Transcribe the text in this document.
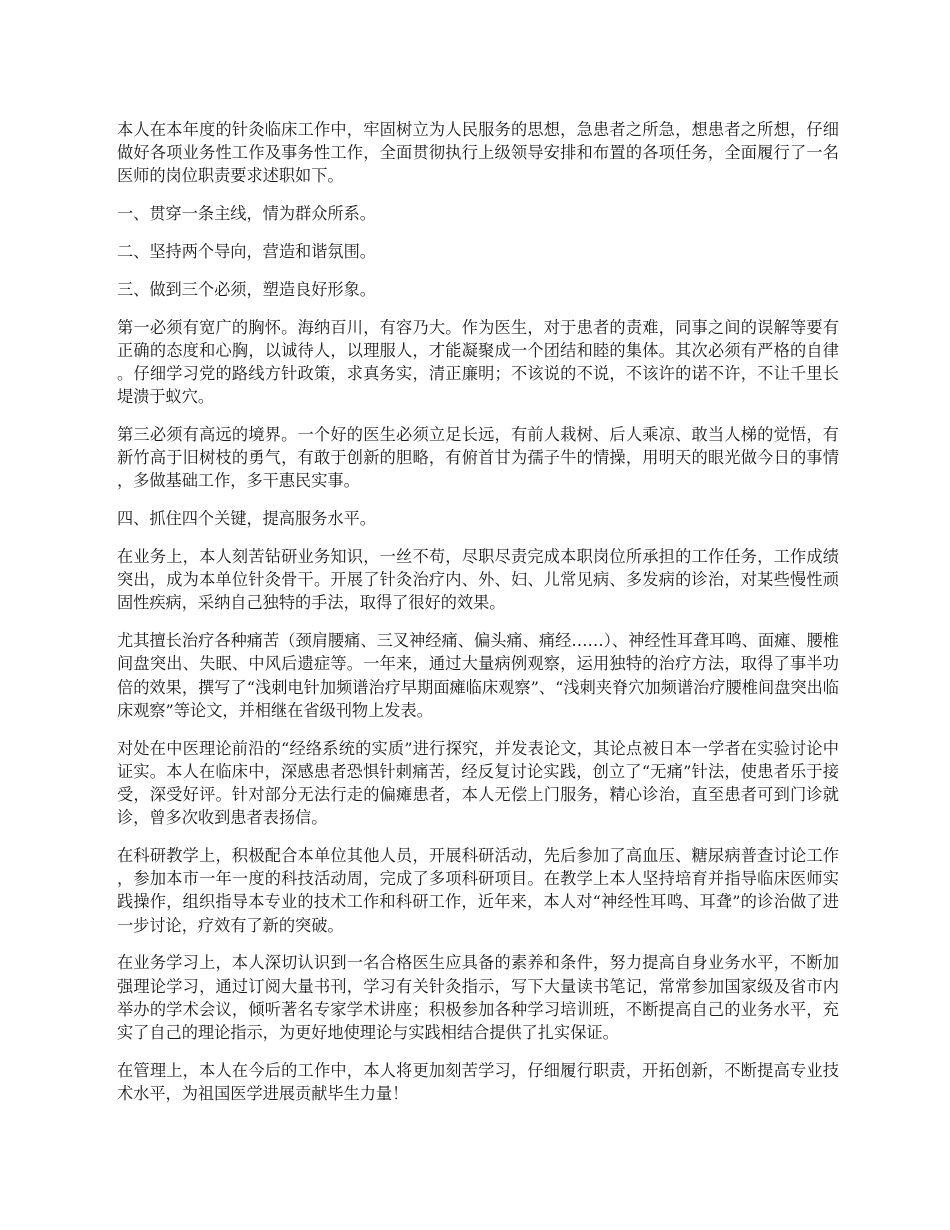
本人在本年度的针灸临床工作中，牢固树立为人民服务的思想，急患者之所急，想患者之所想，仔细做好各项业务性工作及事务性工作，全面贯彻执行上级领导安排和布置的各项任务，全面履行了一名医师的岗位职责要求述职如下。

一、贯穿一条主线，情为群众所系。

二、坚持两个导向，营造和谐氛围。

三、做到三个必须，塑造良好形象。

第一必须有宽广的胸怀。海纳百川，有容乃大。作为医生，对于患者的责难，同事之间的误解等要有正确的态度和心胸，以诚待人，以理服人，才能凝聚成一个团结和睦的集体。其次必须有严格的自律。仔细学习党的路线方针政策，求真务实，清正廉明；不该说的不说，不该许的诺不许，不让千里长堤溃于蚁穴。

第三必须有高远的境界。一个好的医生必须立足长远，有前人栽树、后人乘凉、敢当人梯的觉悟，有新竹高于旧树枝的勇气，有敢于创新的胆略，有俯首甘为孺子牛的情操，用明天的眼光做今日的事情，多做基础工作，多干惠民实事。

四、抓住四个关键，提高服务水平。

在业务上，本人刻苦钻研业务知识，一丝不苟，尽职尽责完成本职岗位所承担的工作任务，工作成绩突出，成为本单位针灸骨干。开展了针灸治疗内、外、妇、儿常见病、多发病的诊治，对某些慢性顽固性疾病，采纳自己独特的手法，取得了很好的效果。

尤其擅长治疗各种痛苦（颈肩腰痛、三叉神经痛、偏头痛、痛经……）、神经性耳聋耳鸣、面瘫、腰椎间盘突出、失眠、中风后遗症等。一年来，通过大量病例观察，运用独特的治疗方法，取得了事半功倍的效果，撰写了“浅刺电针加频谱治疗早期面瘫临床观察”、“浅刺夹脊穴加频谱治疗腰椎间盘突出临床观察”等论文，并相继在省级刊物上发表。

对处在中医理论前沿的“经络系统的实质”进行探究，并发表论文，其论点被日本一学者在实验讨论中证实。本人在临床中，深感患者恐惧针刺痛苦，经反复讨论实践，创立了“无痛”针法，使患者乐于接受，深受好评。针对部分无法行走的偏瘫患者，本人无偿上门服务，精心诊治，直至患者可到门诊就诊，曾多次收到患者表扬信。

在科研教学上，积极配合本单位其他人员，开展科研活动，先后参加了高血压、糖尿病普查讨论工作，参加本市一年一度的科技活动周，完成了多项科研项目。在教学上本人坚持培育并指导临床医师实践操作，组织指导本专业的技术工作和科研工作，近年来，本人对“神经性耳鸣、耳聋”的诊治做了进一步讨论，疗效有了新的突破。

在业务学习上，本人深切认识到一名合格医生应具备的素养和条件，努力提高自身业务水平，不断加强理论学习，通过订阅大量书刊，学习有关针灸指示，写下大量读书笔记，常常参加国家级及省市内举办的学术会议，倾听著名专家学术讲座；积极参加各种学习培训班，不断提高自己的业务水平，充实了自己的理论指示，为更好地使理论与实践相结合提供了扎实保证。

在管理上，本人在今后的工作中，本人将更加刻苦学习，仔细履行职责，开拓创新，不断提高专业技术水平，为祖国医学进展贡献毕生力量！
